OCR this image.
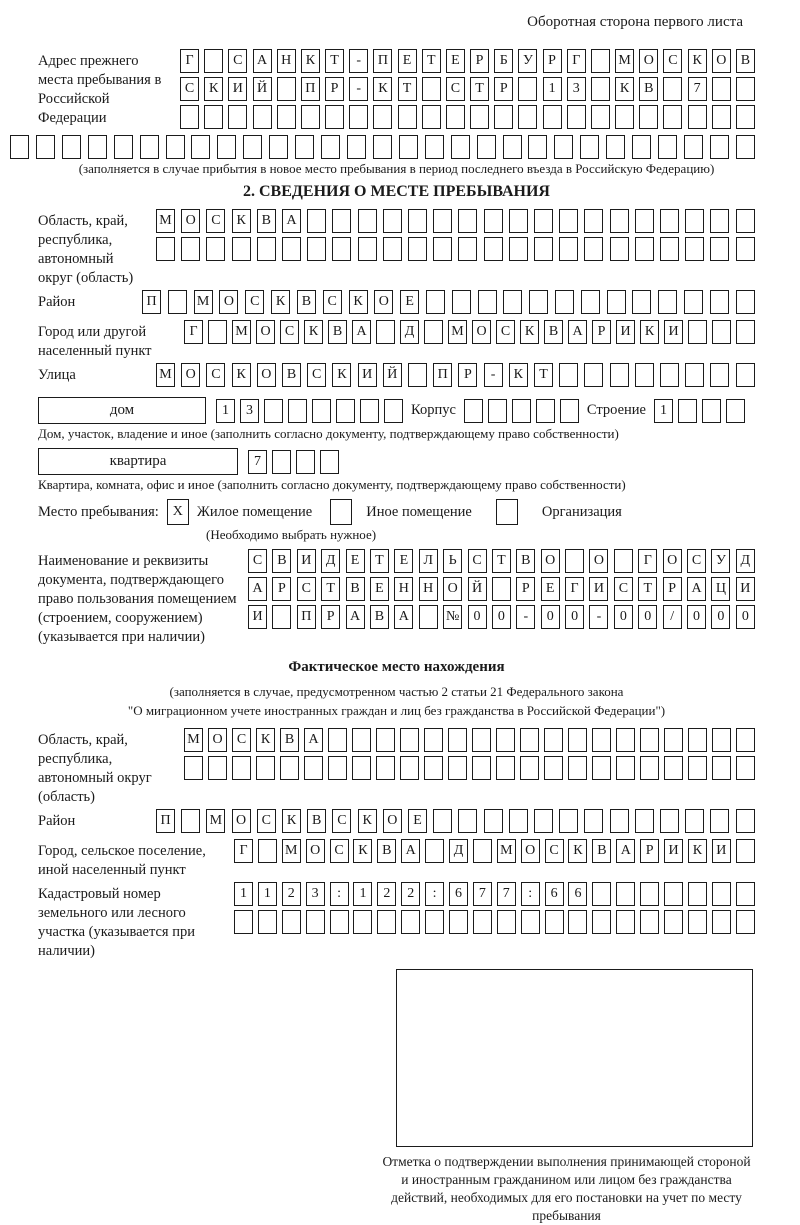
Оборотная сторона первого листа
Адрес прежнего места пребывания в Российской Федерации
Г	С	А	Н	К	Т	-	П	Е	Т	Е	Р	Б	У	Р	Г	М О	С	К	О	В
С	К	И	Й	П	Р	-	К	Т	С	Т	Р	1	3	К	В	7
(заполняется в случае прибытия в новое место пребывания в период последнего въезда в Российскую Федерацию)
2. СВЕДЕНИЯ О МЕСТЕ ПРЕБЫВАНИЯ
Область, край, республика, автономный округ (область)
М О	С	К	В	А
Район	П	М	О	С	К	В	С	К	О	Е
Город или другой населенный пункт
Г	М О	С	К	В	А	Д	М О	С	К	В	А	Р	И	К	И
Улица	М О	С	К	О	В	С	К	И	Й	П	Р	-	К	Т
дом	1	3	Корпус	Строение	1
Дом, участок, владение и иное (заполнить согласно документу, подтверждающему право собственности)
квартира	7
Квартира, комната, офис и иное (заполнить согласно документу, подтверждающему право собственности)
Место пребывания: X Жилое помещение	Иное помещение	Организация
(Необходимо выбрать нужное)
Наименование и реквизиты документа, подтверждающего право пользования помещением (строением, сооружением) (указывается при наличии)
С	В	И	Д	Е	Т	Е	Л	Ь	С	Т	В	О	О	Г	О	С	У	Д
А	Р	С	Т	В	Е	Н	Н	О	Й	Р	Е	Г	И	С	Т	Р	А	Ц	И
И	П	Р	А	В	А	№	0	0	-	0	0	-	0	0	/	0	0	0
Фактическое место нахождения
(заполняется в случае, предусмотренном частью 2 статьи 21 Федерального закона
"О миграционном учете иностранных граждан и лиц без гражданства в Российской Федерации")
Область, край, республика, автономный округ (область)
М О	С	К	В	А
Район	П	М О	С	К	В	С	К	О	Е
Город, сельское поселение, иной населенный пункт
Г	М О	С	К	В	А	Д	М О	С	К	В	А	Р	И	К	И
Кадастровый номер земельного или лесного участка (указывается при наличии)
1	1	2	3	:	1	2	2	:	6	7	7	:	6	6
Отметка о подтверждении выполнения принимающей стороной и иностранным гражданином или лицом без гражданства действий, необходимых для его постановки на учет по месту пребывания
